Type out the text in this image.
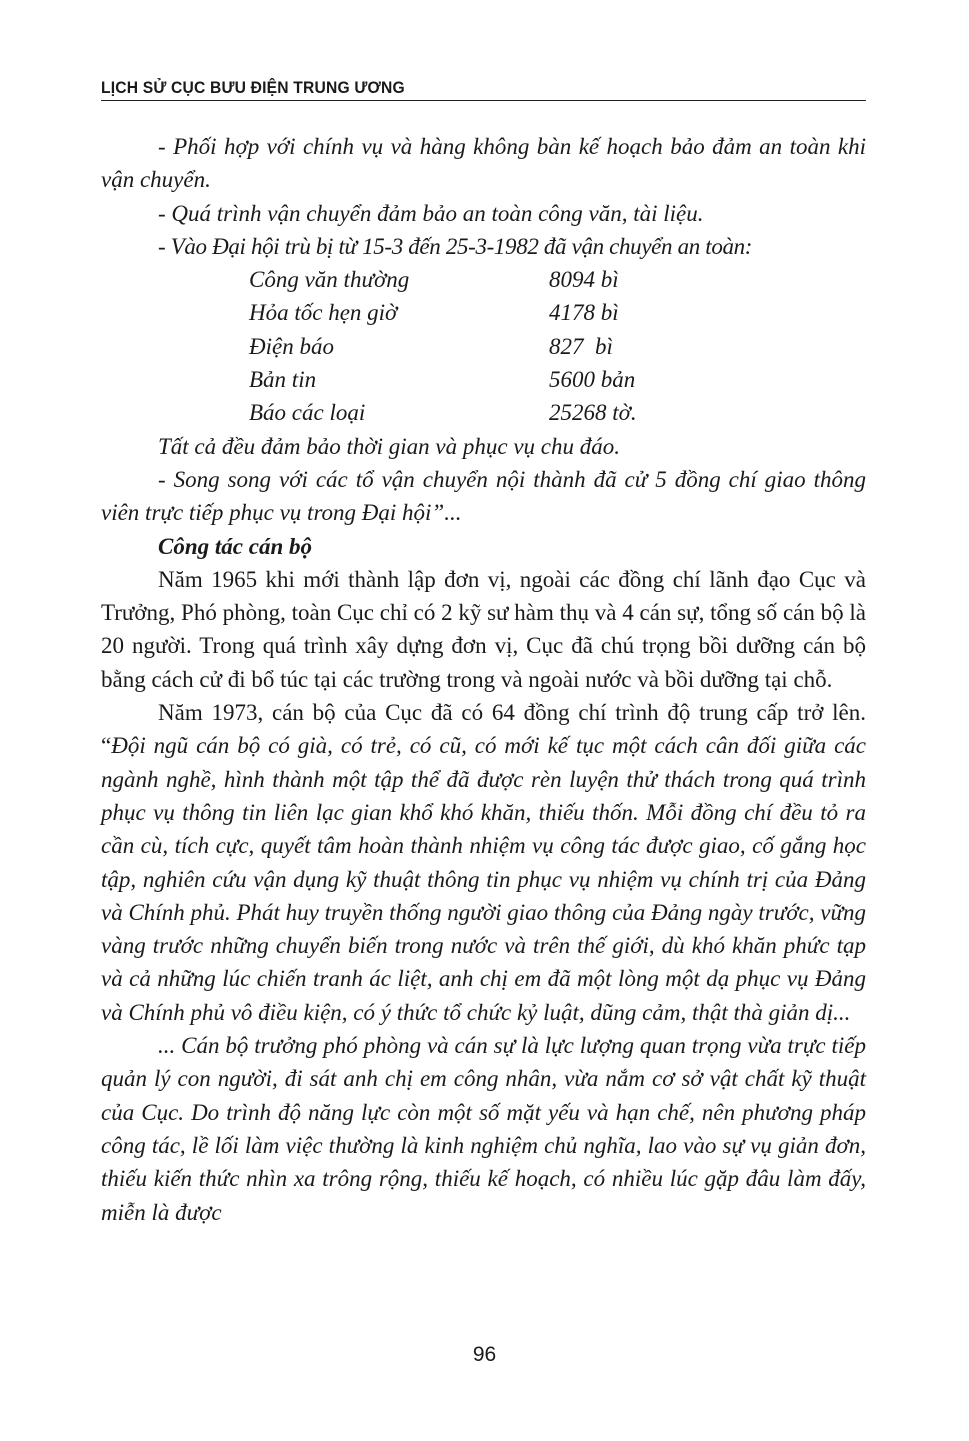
LỊCH SỬ CỤC BƯU ĐIỆN TRUNG ƯƠNG

- Phối hợp với chính vụ và hàng không bàn kế hoạch bảo đảm an toàn khi vận chuyển.

- Quá trình vận chuyển đảm bảo an toàn công văn, tài liệu.

- Vào Đại hội trù bị từ 15-3 đến 25-3-1982 đã vận chuyển an toàn:

Công văn thường	8094 bì
Hỏa tốc hẹn giờ	4178 bì
Điện báo	827  bì
Bản tin	5600 bản
Báo các loại	25268 tờ.

Tất cả đều đảm bảo thời gian và phục vụ chu đáo.

- Song song với các tổ vận chuyển nội thành đã cử 5 đồng chí giao thông viên trực tiếp phục vụ trong Đại hội”...

Công tác cán bộ

Năm 1965 khi mới thành lập đơn vị, ngoài các đồng chí lãnh đạo Cục và Trưởng, Phó phòng, toàn Cục chỉ có 2 kỹ sư hàm thụ và 4 cán sự, tổng số cán bộ là 20 người. Trong quá trình xây dựng đơn vị, Cục đã chú trọng bồi dưỡng cán bộ bằng cách cử đi bổ túc tại các trường trong và ngoài nước và bồi dưỡng tại chỗ.

Năm 1973, cán bộ của Cục đã có 64 đồng chí trình độ trung cấp trở lên. “Đội ngũ cán bộ có già, có trẻ, có cũ, có mới kế tục một cách cân đối giữa các ngành nghề, hình thành một tập thể đã được rèn luyện thử thách trong quá trình phục vụ thông tin liên lạc gian khổ khó khăn, thiếu thốn. Mỗi đồng chí đều tỏ ra cần cù, tích cực, quyết tâm hoàn thành nhiệm vụ công tác được giao, cố gắng học tập, nghiên cứu vận dụng kỹ thuật thông tin phục vụ nhiệm vụ chính trị của Đảng và Chính phủ. Phát huy truyền thống người giao thông của Đảng ngày trước, vững vàng trước những chuyển biến trong nước và trên thế giới, dù khó khăn phức tạp và cả những lúc chiến tranh ác liệt, anh chị em đã một lòng một dạ phục vụ Đảng và Chính phủ vô điều kiện, có ý thức tổ chức kỷ luật, dũng cảm, thật thà giản dị...

... Cán bộ trưởng phó phòng và cán sự là lực lượng quan trọng vừa trực tiếp quản lý con người, đi sát anh chị em công nhân, vừa nắm cơ sở vật chất kỹ thuật của Cục. Do trình độ năng lực còn một số mặt yếu và hạn chế, nên phương pháp công tác, lề lối làm việc thường là kinh nghiệm chủ nghĩa, lao vào sự vụ giản đơn, thiếu kiến thức nhìn xa trông rộng, thiếu kế hoạch, có nhiều lúc gặp đâu làm đấy, miễn là được

96
